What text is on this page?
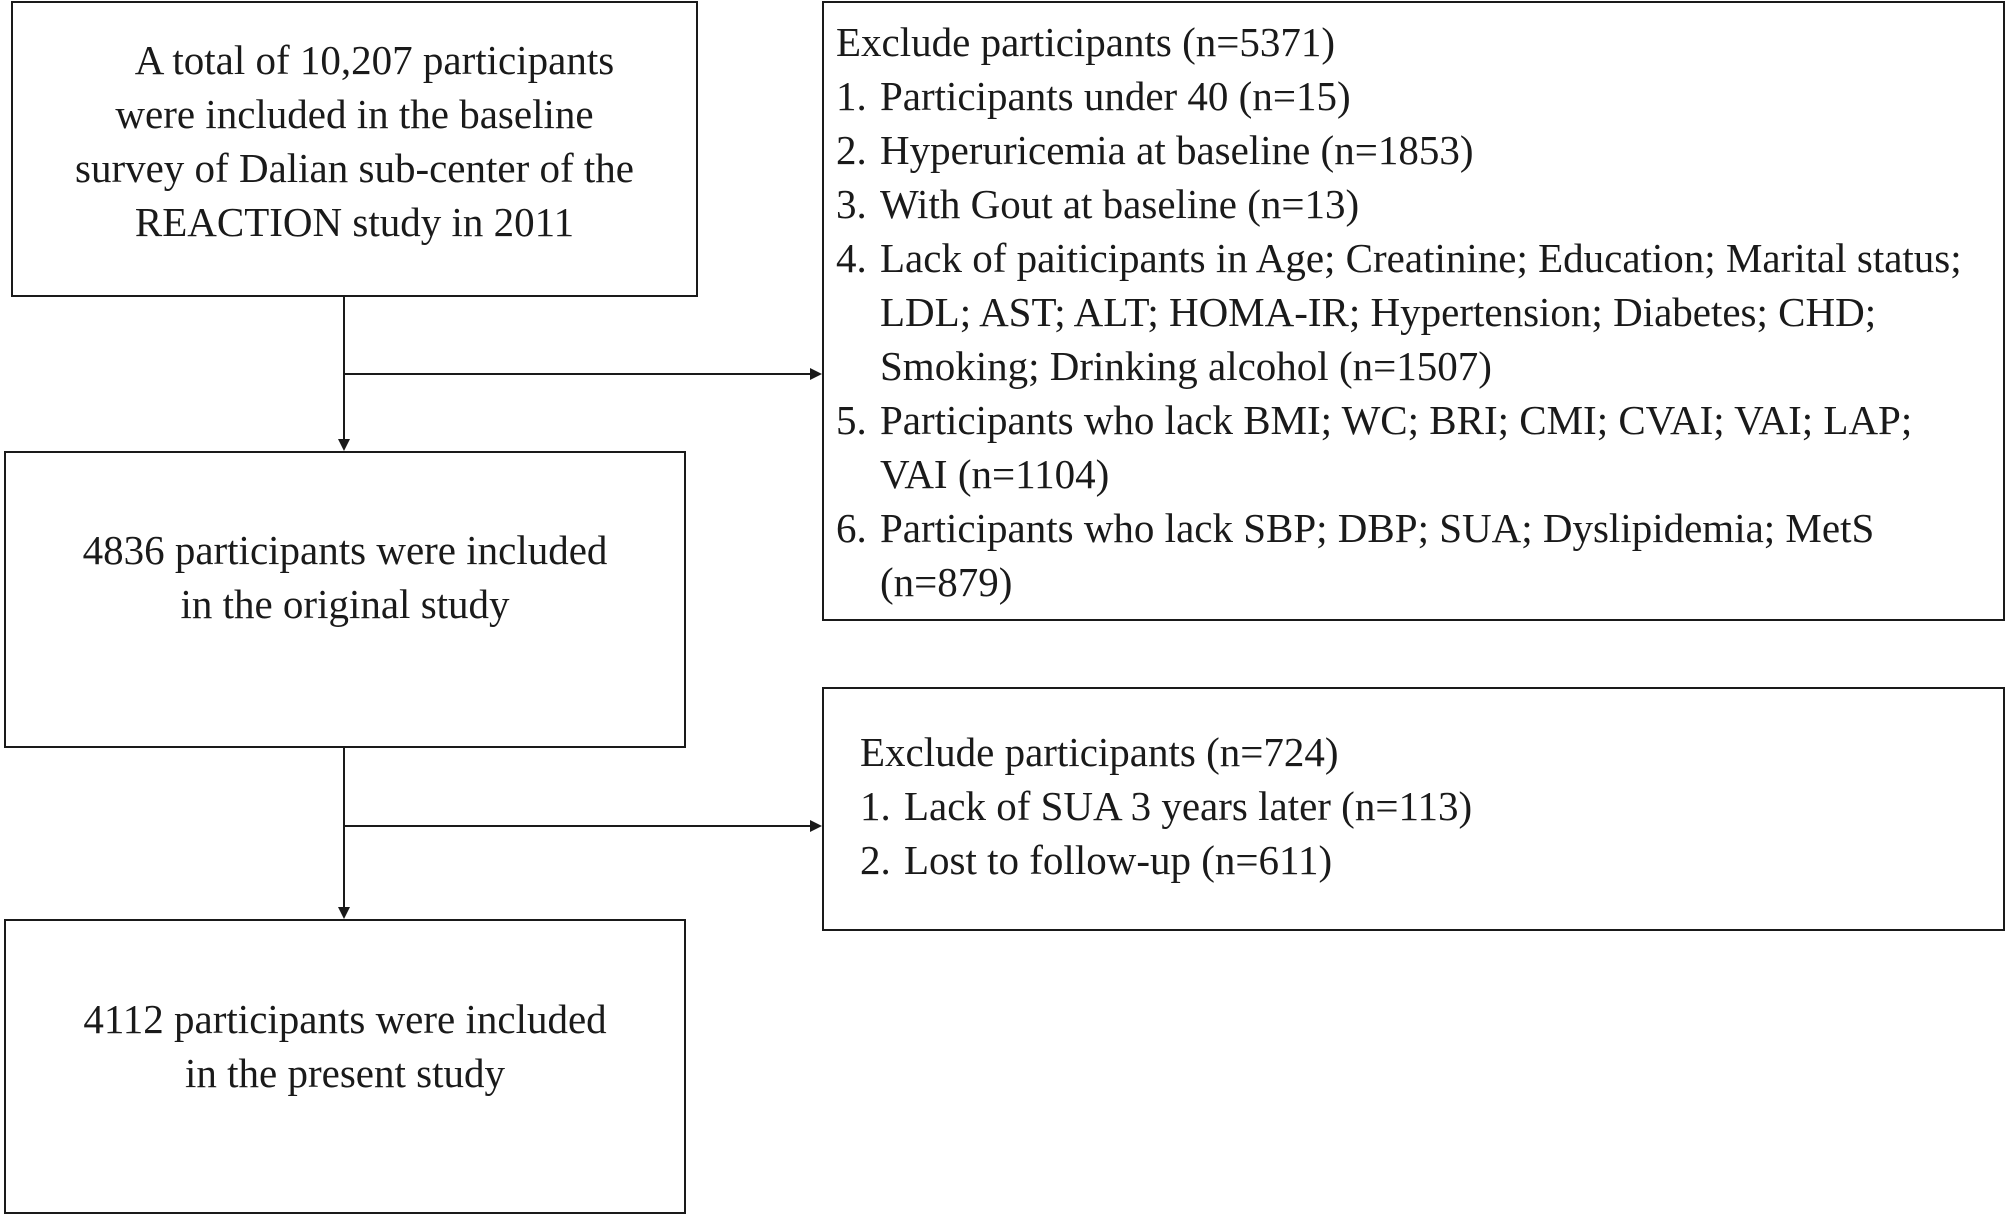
A total of 10,207 participants
were included in the baseline
survey of Dalian sub-center of the
REACTION study in 2011
4836 participants were included
in the original study
4112 participants were included
in the present study
Exclude participants (n=5371)
1. Participants under 40 (n=15)
2. Hyperuricemia at baseline (n=1853)
3. With Gout at baseline (n=13)
4. Lack of paiticipants in Age; Creatinine; Education; Marital status; LDL; AST; ALT; HOMA-IR; Hypertension; Diabetes; CHD; Smoking; Drinking alcohol (n=1507)
5. Participants who lack BMI; WC; BRI; CMI; CVAI; VAI; LAP; VAI (n=1104)
6. Participants who lack SBP; DBP; SUA; Dyslipidemia; MetS (n=879)
Exclude participants (n=724)
1. Lack of SUA 3 years later (n=113)
2. Lost to follow-up (n=611)
